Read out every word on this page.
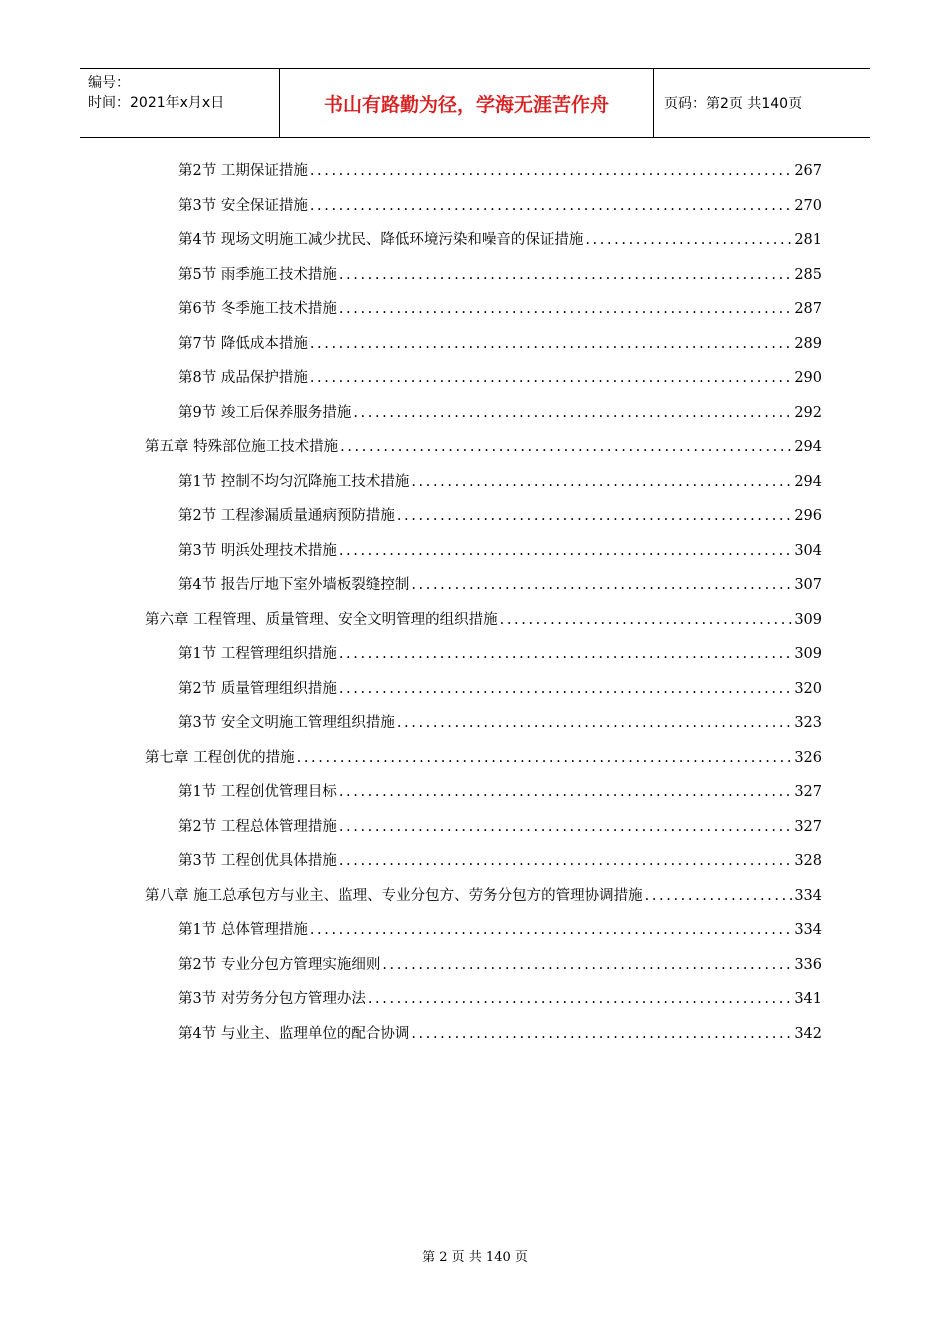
编号：
时间：2021年x月x日	书山有路勤为径，学海无涯苦作舟	页码：第2页 共140页
第2节 工期保证措施 .....	267
第3节 安全保证措施 .....	270
第4节 现场文明施工减少扰民、降低环境污染和噪音的保证措施 .....	281
第5节 雨季施工技术措施 .....	285
第6节 冬季施工技术措施 .....	287
第7节 降低成本措施 .....	289
第8节 成品保护措施 .....	290
第9节 竣工后保养服务措施 .....	292
第五章 特殊部位施工技术措施 .....	294
第1节 控制不均匀沉降施工技术措施 .....	294
第2节 工程渗漏质量通病预防措施 .....	296
第3节 明浜处理技术措施 .....	304
第4节 报告厅地下室外墙板裂缝控制 .....	307
第六章 工程管理、质量管理、安全文明管理的组织措施 .....	309
第1节 工程管理组织措施 .....	309
第2节 质量管理组织措施 .....	320
第3节 安全文明施工管理组织措施 .....	323
第七章 工程创优的措施 .....	326
第1节 工程创优管理目标 .....	327
第2节 工程总体管理措施 .....	327
第3节 工程创优具体措施 .....	328
第八章 施工总承包方与业主、监理、专业分包方、劳务分包方的管理协调措施 .....	334
第1节 总体管理措施 .....	334
第2节 专业分包方管理实施细则 .....	336
第3节 对劳务分包方管理办法 .....	341
第4节 与业主、监理单位的配合协调 .....	342
第 2 页 共 140 页
